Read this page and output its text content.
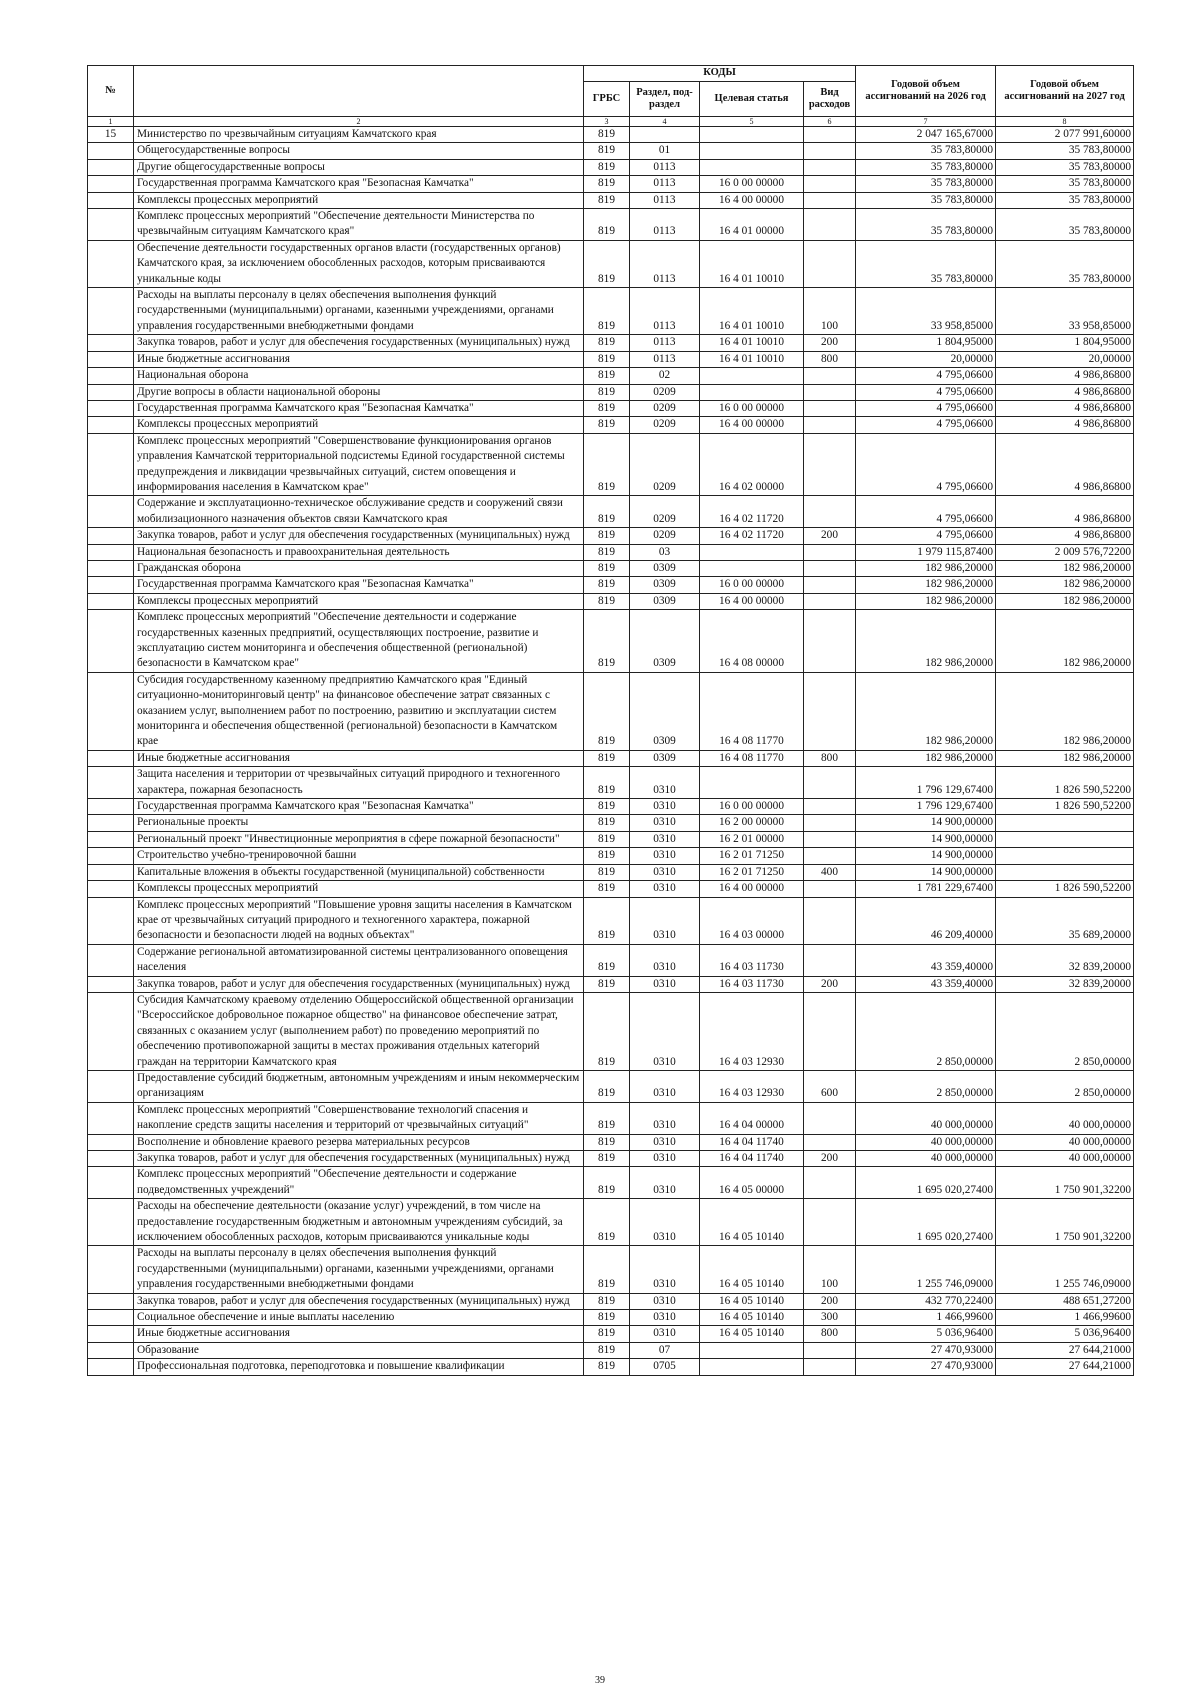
№		КОДЫ				Годовой объем ассигнований на 2026 год	Годовой объем ассигнований на 2027 год
		ГРБС	Раздел, под-раздел	Целевая статья	Вид расходов		
1	2	3	4	5	6	7	8
15	Министерство по чрезвычайным ситуациям Камчатского края	819				2 047 165,67000	2 077 991,60000
	Общегосударственные вопросы	819	01			35 783,80000	35 783,80000
	Другие общегосударственные вопросы	819	0113			35 783,80000	35 783,80000
	Государственная программа Камчатского края "Безопасная Камчатка"	819	0113	16 0 00 00000		35 783,80000	35 783,80000
	Комплексы процессных мероприятий	819	0113	16 4 00 00000		35 783,80000	35 783,80000
	Комплекс процессных мероприятий "Обеспечение деятельности Министерства по чрезвычайным ситуациям Камчатского края"	819	0113	16 4 01 00000		35 783,80000	35 783,80000
	Обеспечение деятельности государственных органов власти (государственных органов) Камчатского края, за исключением обособленных расходов, которым присваиваются уникальные коды	819	0113	16 4 01 10010		35 783,80000	35 783,80000
	Расходы на выплаты персоналу в целях обеспечения выполнения функций государственными (муниципальными) органами, казенными учреждениями, органами управления государственными внебюджетными фондами	819	0113	16 4 01 10010	100	33 958,85000	33 958,85000
	Закупка товаров, работ и услуг для обеспечения государственных (муниципальных) нужд	819	0113	16 4 01 10010	200	1 804,95000	1 804,95000
	Иные бюджетные ассигнования	819	0113	16 4 01 10010	800	20,00000	20,00000
	Национальная оборона	819	02			4 795,06600	4 986,86800
	Другие вопросы в области национальной обороны	819	0209			4 795,06600	4 986,86800
	Государственная программа Камчатского края "Безопасная Камчатка"	819	0209	16 0 00 00000		4 795,06600	4 986,86800
	Комплексы процессных мероприятий	819	0209	16 4 00 00000		4 795,06600	4 986,86800
	Комплекс процессных мероприятий "Совершенствование функционирования органов управления Камчатской территориальной подсистемы Единой государственной системы предупреждения и ликвидации чрезвычайных ситуаций, систем оповещения и информирования населения в Камчатском крае"	819	0209	16 4 02 00000		4 795,06600	4 986,86800
	Содержание и эксплуатационно-техническое обслуживание средств и сооружений связи мобилизационного назначения объектов связи Камчатского края	819	0209	16 4 02 11720		4 795,06600	4 986,86800
	Закупка товаров, работ и услуг для обеспечения государственных (муниципальных) нужд	819	0209	16 4 02 11720	200	4 795,06600	4 986,86800
	Национальная безопасность и правоохранительная деятельность	819	03			1 979 115,87400	2 009 576,72200
	Гражданская оборона	819	0309			182 986,20000	182 986,20000
	Государственная программа Камчатского края "Безопасная Камчатка"	819	0309	16 0 00 00000		182 986,20000	182 986,20000
	Комплексы процессных мероприятий	819	0309	16 4 00 00000		182 986,20000	182 986,20000
	Комплекс процессных мероприятий "Обеспечение деятельности и содержание государственных казенных предприятий, осуществляющих построение, развитие и эксплуатацию систем мониторинга и обеспечения общественной (региональной) безопасности в Камчатском крае"	819	0309	16 4 08 00000		182 986,20000	182 986,20000
	Субсидия государственному казенному предприятию Камчатского края "Единый ситуационно-мониторинговый центр" на финансовое обеспечение затрат связанных с оказанием услуг, выполнением работ по построению, развитию и эксплуатации систем мониторинга и обеспечения общественной (региональной) безопасности в Камчатском крае	819	0309	16 4 08 11770		182 986,20000	182 986,20000
	Иные бюджетные ассигнования	819	0309	16 4 08 11770	800	182 986,20000	182 986,20000
	Защита населения и территории от чрезвычайных ситуаций природного и техногенного характера, пожарная безопасность	819	0310			1 796 129,67400	1 826 590,52200
	Государственная программа Камчатского края "Безопасная Камчатка"	819	0310	16 0 00 00000		1 796 129,67400	1 826 590,52200
	Региональные проекты	819	0310	16 2 00 00000		14 900,00000	
	Региональный проект "Инвестиционные мероприятия в сфере пожарной безопасности"	819	0310	16 2 01 00000		14 900,00000	
	Строительство учебно-тренировочной башни	819	0310	16 2 01 71250		14 900,00000	
	Капитальные вложения в объекты государственной (муниципальной) собственности	819	0310	16 2 01 71250	400	14 900,00000	
	Комплексы процессных мероприятий	819	0310	16 4 00 00000		1 781 229,67400	1 826 590,52200
	Комплекс процессных мероприятий "Повышение уровня защиты населения в Камчатском крае от чрезвычайных ситуаций природного и техногенного характера, пожарной безопасности и безопасности людей на водных объектах"	819	0310	16 4 03 00000		46 209,40000	35 689,20000
	Содержание региональной автоматизированной системы централизованного оповещения населения	819	0310	16 4 03 11730		43 359,40000	32 839,20000
	Закупка товаров, работ и услуг для обеспечения государственных (муниципальных) нужд	819	0310	16 4 03 11730	200	43 359,40000	32 839,20000
	Субсидия Камчатскому краевому отделению Общероссийской общественной организации "Всероссийское добровольное пожарное общество" на финансовое обеспечение затрат, связанных с оказанием услуг (выполнением работ) по проведению мероприятий по обеспечению противопожарной защиты в местах проживания отдельных категорий граждан на территории Камчатского края	819	0310	16 4 03 12930		2 850,00000	2 850,00000
	Предоставление субсидий бюджетным, автономным учреждениям и иным некоммерческим организациям	819	0310	16 4 03 12930	600	2 850,00000	2 850,00000
	Комплекс процессных мероприятий "Совершенствование технологий спасения и накопление средств защиты населения и территорий от чрезвычайных ситуаций"	819	0310	16 4 04 00000		40 000,00000	40 000,00000
	Восполнение и обновление краевого резерва материальных ресурсов	819	0310	16 4 04 11740		40 000,00000	40 000,00000
	Закупка товаров, работ и услуг для обеспечения государственных (муниципальных) нужд	819	0310	16 4 04 11740	200	40 000,00000	40 000,00000
	Комплекс процессных мероприятий "Обеспечение деятельности и содержание подведомственных учреждений"	819	0310	16 4 05 00000		1 695 020,27400	1 750 901,32200
	Расходы на обеспечение деятельности (оказание услуг) учреждений, в том числе на предоставление государственным бюджетным и автономным учреждениям субсидий, за исключением обособленных расходов, которым присваиваются уникальные коды	819	0310	16 4 05 10140		1 695 020,27400	1 750 901,32200
	Расходы на выплаты персоналу в целях обеспечения выполнения функций государственными (муниципальными) органами, казенными учреждениями, органами управления государственными внебюджетными фондами	819	0310	16 4 05 10140	100	1 255 746,09000	1 255 746,09000
	Закупка товаров, работ и услуг для обеспечения государственных (муниципальных) нужд	819	0310	16 4 05 10140	200	432 770,22400	488 651,27200
	Социальное обеспечение и иные выплаты населению	819	0310	16 4 05 10140	300	1 466,99600	1 466,99600
	Иные бюджетные ассигнования	819	0310	16 4 05 10140	800	5 036,96400	5 036,96400
	Образование	819	07			27 470,93000	27 644,21000
	Профессиональная подготовка, переподготовка и повышение квалификации	819	0705			27 470,93000	27 644,21000
39
